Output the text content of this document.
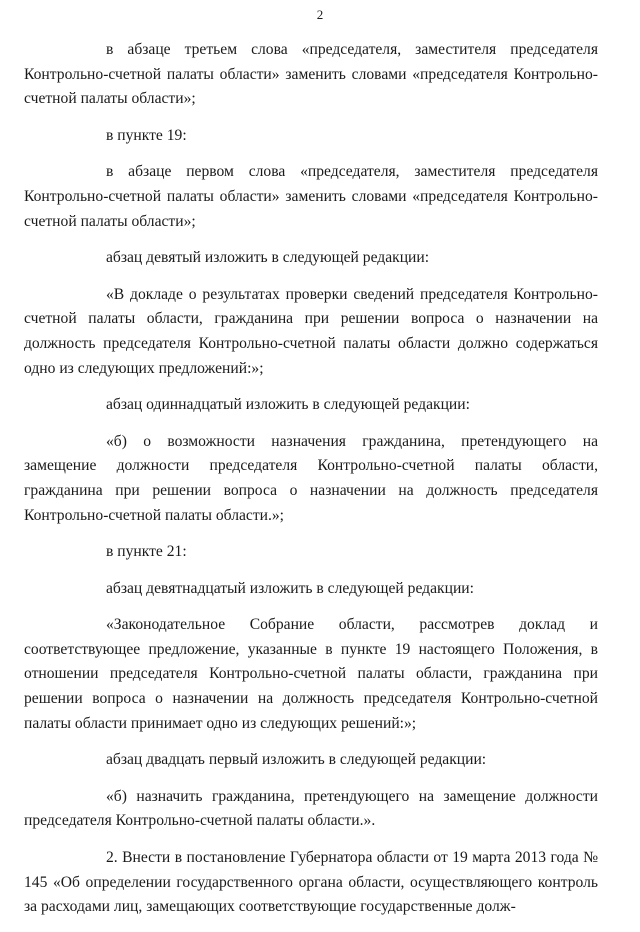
2

в абзаце третьем слова «председателя, заместителя председателя Контрольно-счетной палаты области» заменить словами «председателя Контрольно-счетной палаты области»;

в пункте 19:

в абзаце первом слова «председателя, заместителя председателя Контрольно-счетной палаты области» заменить словами «председателя Контрольно-счетной палаты области»;

абзац девятый изложить в следующей редакции:

«В докладе о результатах проверки сведений председателя Контрольно-счетной палаты области, гражданина при решении вопроса о назначении на должность председателя Контрольно-счетной палаты области должно содержаться одно из следующих предложений:»;

абзац одиннадцатый изложить в следующей редакции:

«б) о возможности назначения гражданина, претендующего на замещение должности председателя Контрольно-счетной палаты области, гражданина при решении вопроса о назначении на должность председателя Контрольно-счетной палаты области.»;

в пункте 21:

абзац девятнадцатый изложить в следующей редакции:

«Законодательное Собрание области, рассмотрев доклад и соответствующее предложение, указанные в пункте 19 настоящего Положения, в отношении председателя Контрольно-счетной палаты области, гражданина при решении вопроса о назначении на должность председателя Контрольно-счетной палаты области принимает одно из следующих решений:»;

абзац двадцать первый изложить в следующей редакции:

«б) назначить гражданина, претендующего на замещение должности председателя Контрольно-счетной палаты области.».

2. Внести в постановление Губернатора области от 19 марта 2013 года № 145 «Об определении государственного органа области, осуществляющего контроль за расходами лиц, замещающих соответствующие государственные долж-
